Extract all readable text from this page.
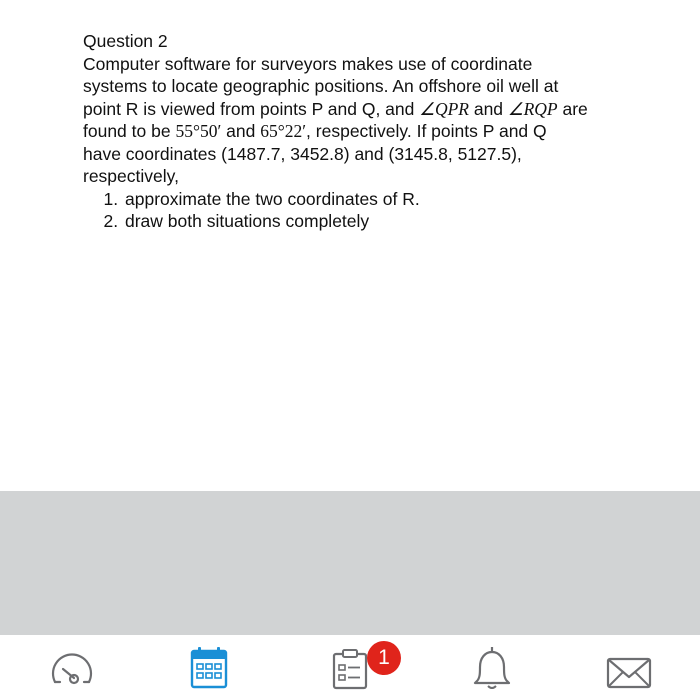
Question 2

Computer software for surveyors makes use of coordinate

systems to locate geographic positions. An offshore oil well at

point R is viewed from points P and Q, and ∠QPR and ∠RQP are

found to be 55°50′ and 65°22′, respectively. If points P and Q

have coordinates (1487.7, 3452.8) and (3145.8, 5127.5),

respectively,

1. approximate the two coordinates of R.
2. draw both situations completely
1
